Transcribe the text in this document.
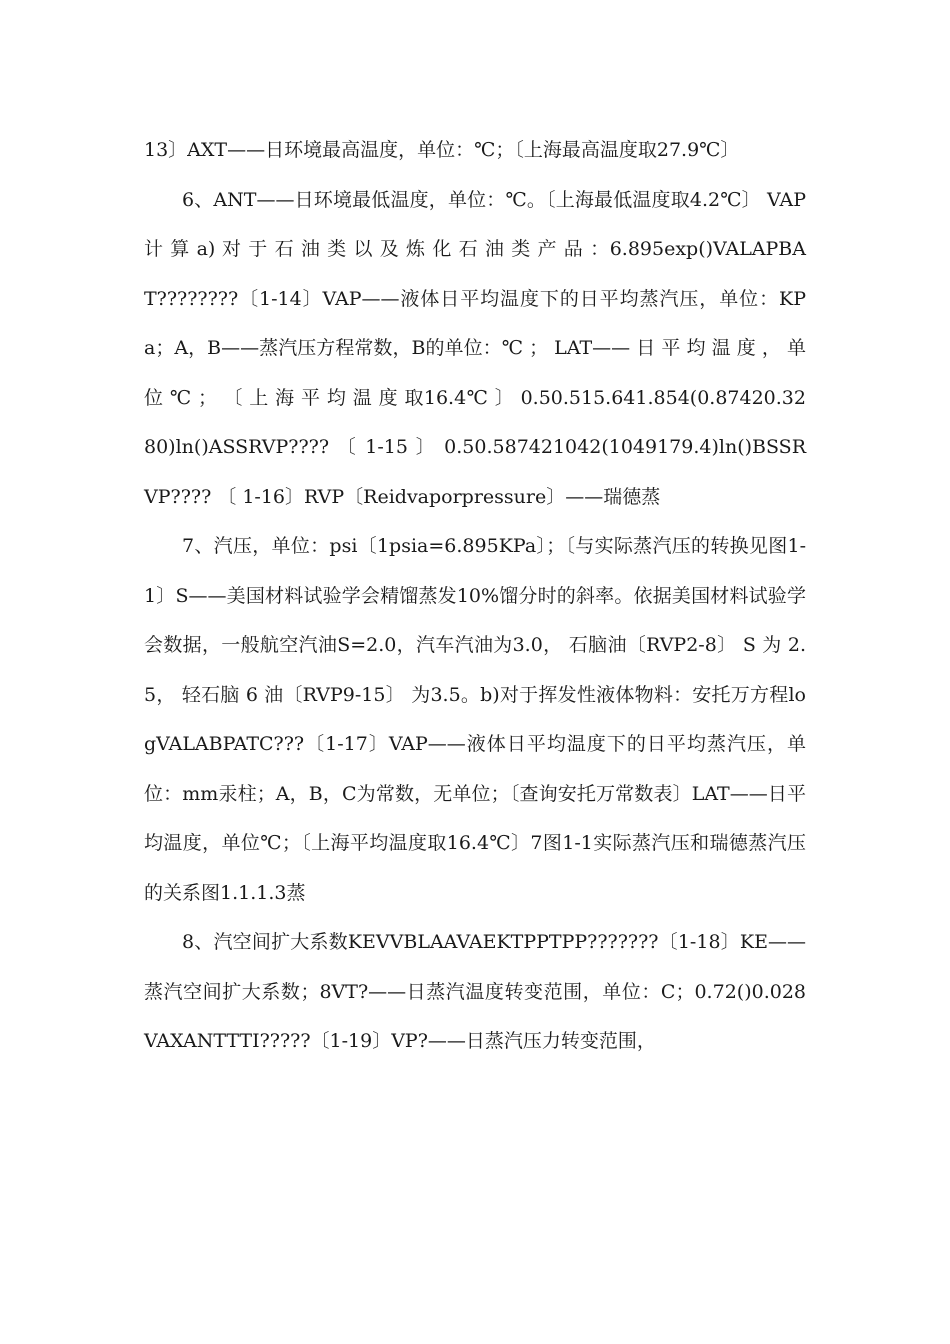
13〕AXT——日环境最高温度，单位：℃；〔上海最高温度取27.9℃〕

6、ANT——日环境最低温度，单位：℃。〔上海最低温度取4.2℃〕 VAP 计 算 a) 对 于 石 油 类 以 及 炼 化 石 油 类 产 品 ：6.895exp()VALAPBAT????????〔1-14〕VAP——液体日平均温度下的日平均蒸汽压，单位：KPa；A，B——蒸汽压方程常数，B的单位：℃ ； LAT—— 日 平 均 温 度 ， 单 位 ℃ ； 〔 上 海 平 均 温 度 取16.4℃ 〕 0.50.515.641.854(0.87420.3280)ln()ASSRVP???? 〔 1-15 〕 0.50.587421042(1049179.4)ln()BSSRVP???? 〔 1-16〕RVP〔Reidvaporpressure〕——瑞德蒸

7、汽压，单位：psi〔1psia=6.895KPa〕；〔与实际蒸汽压的转换见图1-1〕S——美国材料试验学会精馏蒸发10%馏分时的斜率。依据美国材料试验学会数据，一般航空汽油S=2.0，汽车汽油为3.0， 石脑油〔RVP2-8〕 S 为 2.5， 轻石脑 6 油〔RVP9-15〕 为3.5。b)对于挥发性液体物料：安托万方程logVALABPATC???〔1-17〕VAP——液体日平均温度下的日平均蒸汽压，单位：mm汞柱；A，B，C为常数，无单位；〔查询安托万常数表〕LAT——日平均温度，单位℃；〔上海平均温度取16.4℃〕7图1-1实际蒸汽压和瑞德蒸汽压的关系图1.1.1.3蒸

8、汽空间扩大系数KEVVBLAAVAEKTPPTPP???????〔1-18〕KE——蒸汽空间扩大系数；8VT?——日蒸汽温度转变范围，单位：C；0.72()0.028VAXANTTTI?????〔1-19〕VP?——日蒸汽压力转变范围，
